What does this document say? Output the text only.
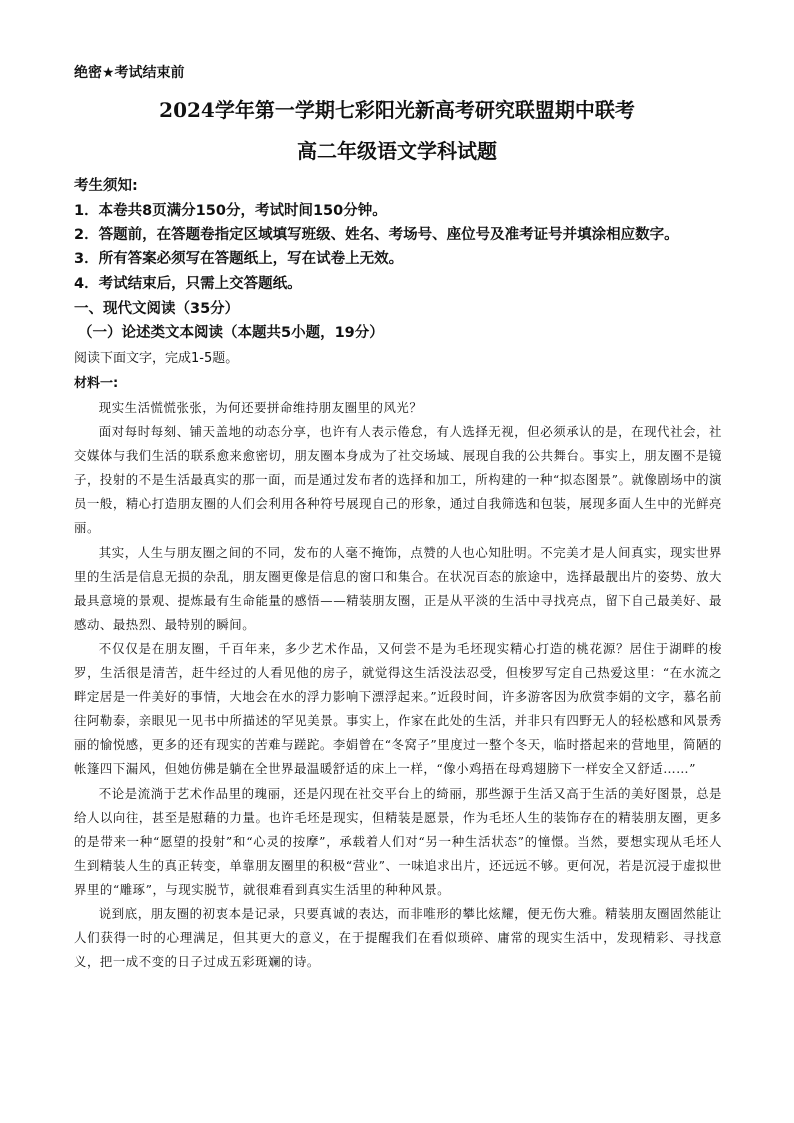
绝密★考试结束前
2024学年第一学期七彩阳光新高考研究联盟期中联考
高二年级语文学科试题
考生须知:
1．本卷共8页满分150分，考试时间150分钟。
2．答题前，在答题卷指定区域填写班级、姓名、考场号、座位号及准考证号并填涂相应数字。
3．所有答案必须写在答题纸上，写在试卷上无效。
4．考试结束后，只需上交答题纸。
一、现代文阅读（35分）
（一）论述类文本阅读（本题共5小题，19分）
阅读下面文字，完成1-5题。
材料一:

现实生活慌慌张张，为何还要拼命维持朋友圈里的风光？

面对每时每刻、铺天盖地的动态分享，也许有人表示倦怠，有人选择无视，但必须承认的是，在现代社会，社交媒体与我们生活的联系愈来愈密切，朋友圈本身成为了社交场域、展现自我的公共舞台。事实上，朋友圈不是镜子，投射的不是生活最真实的那一面，而是通过发布者的选择和加工，所构建的一种“拟态图景”。就像剧场中的演员一般，精心打造朋友圈的人们会利用各种符号展现自己的形象，通过自我筛选和包装，展现多面人生中的光鲜亮丽。

其实，人生与朋友圈之间的不同，发布的人毫不掩饰，点赞的人也心知肚明。不完美才是人间真实，现实世界里的生活是信息无损的杂乱，朋友圈更像是信息的窗口和集合。在状况百态的旅途中，选择最靓出片的姿势、放大最具意境的景观、提炼最有生命能量的感悟——精装朋友圈，正是从平淡的生活中寻找亮点，留下自己最美好、最感动、最热烈、最特别的瞬间。

不仅仅是在朋友圈，千百年来，多少艺术作品，又何尝不是为毛坯现实精心打造的桃花源？居住于湖畔的梭罗，生活很是清苦，赶牛经过的人看见他的房子，就觉得这生活没法忍受，但梭罗写定自己热爱这里：“在水流之畔定居是一件美好的事情，大地会在水的浮力影响下漂浮起来。”近段时间，许多游客因为欣赏李娟的文字，慕名前往阿勒泰，亲眼见一见书中所描述的罕见美景。事实上，作家在此处的生活，并非只有四野无人的轻松感和风景秀丽的愉悦感，更多的还有现实的苦难与蹉跎。李娟曾在“冬窝子”里度过一整个冬天，临时搭起来的营地里，简陋的帐篷四下漏风，但她仿佛是躺在全世界最温暖舒适的床上一样，“像小鸡捂在母鸡翅膀下一样安全又舒适……”

不论是流淌于艺术作品里的瑰丽，还是闪现在社交平台上的绮丽，那些源于生活又高于生活的美好图景，总是给人以向往，甚至是慰藉的力量。也许毛坯是现实，但精装是愿景，作为毛坯人生的装饰存在的精装朋友圈，更多的是带来一种“愿望的投射”和“心灵的按摩”，承载着人们对“另一种生活状态”的憧憬。当然，要想实现从毛坯人生到精装人生的真正转变，单靠朋友圈里的积极“营业”、一味追求出片，还远远不够。更何况，若是沉浸于虚拟世界里的“雕琢”，与现实脱节，就很难看到真实生活里的种种风景。

说到底，朋友圈的初衷本是记录，只要真诚的表达，而非唯形的攀比炫耀，便无伤大雅。精装朋友圈固然能让人们获得一时的心理满足，但其更大的意义，在于提醒我们在看似琐碎、庸常的现实生活中，发现精彩、寻找意义，把一成不变的日子过成五彩斑斓的诗。
